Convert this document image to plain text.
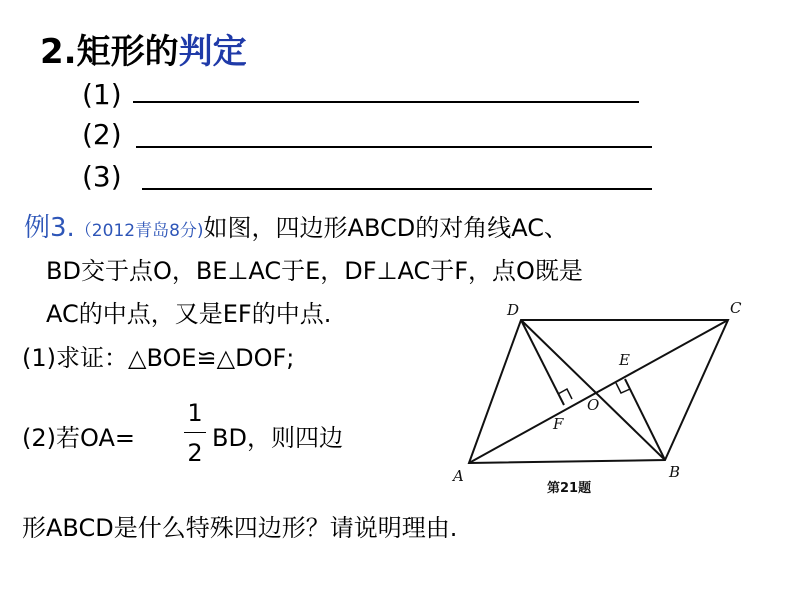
2.矩形的判定
(1)
(2)
(3)
例3.（2012青岛8分)如图，四边形ABCD的对角线AC、
BD交于点O，BE⊥AC于E，DF⊥AC于F，点O既是
AC的中点，又是EF的中点.
(1)求证：△BOE≌△DOF;
(2)若OA=
1
2
BD，则四边
形ABCD是什么特殊四边形？请说明理由.
A	B
C
D
E
F
O
第21题
